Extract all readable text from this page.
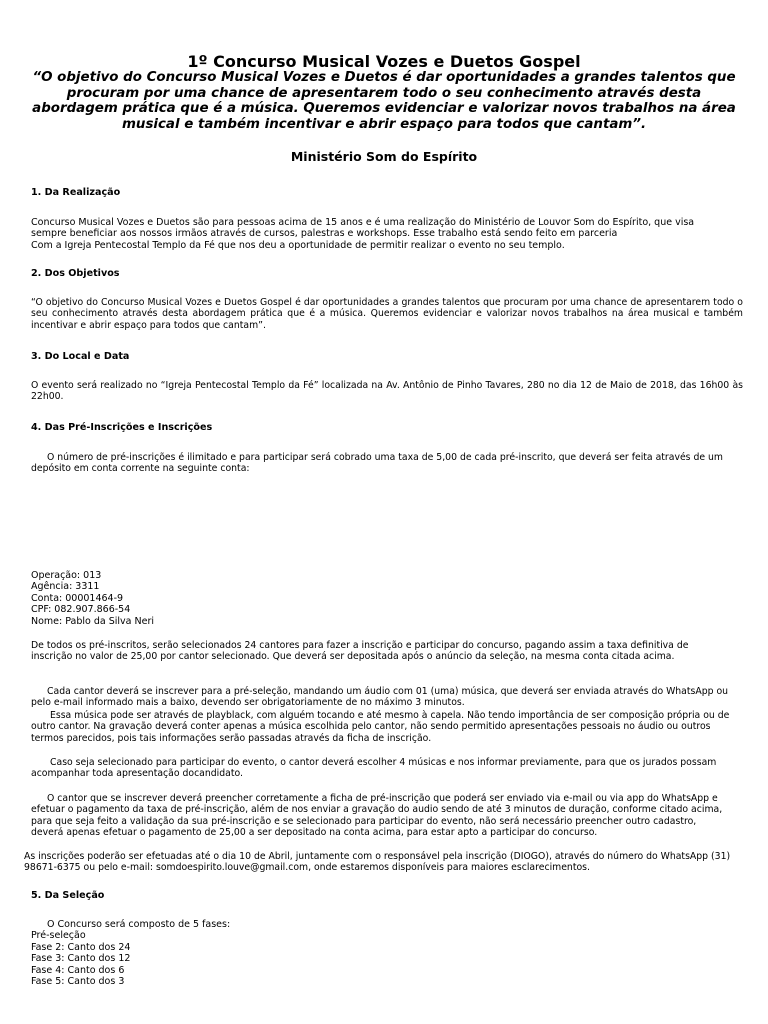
1º Concurso Musical Vozes e Duetos Gospel
“O objetivo do Concurso Musical Vozes e Duetos é dar oportunidades a grandes talentos que procuram por uma chance de apresentarem todo o seu conhecimento através desta abordagem prática que é a música. Queremos evidenciar e valorizar novos trabalhos na área musical e também incentivar e abrir espaço para todos que cantam”.
Ministério Som do Espírito
1. Da Realização
Concurso Musical Vozes e Duetos são para pessoas acima de 15 anos e é uma realização do Ministério de Louvor Som do Espírito, que visa
sempre beneficiar aos nossos irmãos através de cursos, palestras e workshops. Esse trabalho está sendo feito em parceria
Com a Igreja Pentecostal Templo da Fé que nos deu a oportunidade de permitir realizar o evento no seu templo.
2. Dos Objetivos
“O objetivo do Concurso Musical Vozes e Duetos Gospel é dar oportunidades a grandes talentos que procuram por uma chance de apresentarem todo o seu conhecimento através desta abordagem prática que é a música. Queremos evidenciar e valorizar novos trabalhos na área musical e também incentivar e abrir espaço para todos que cantam”.
3. Do Local e Data
O evento será realizado no “Igreja Pentecostal Templo da Fé” localizada na Av. Antônio de Pinho Tavares, 280 no dia 12 de Maio de 2018, das 16h00 às 22h00.
4. Das Pré-Inscrições e Inscrições
O número de pré-inscrições é ilimitado e para participar será cobrado uma taxa de 5,00 de cada pré-inscrito, que deverá ser feita através de um depósito em conta corrente na seguinte conta:
Operação: 013
Agência: 3311
Conta: 00001464-9
CPF: 082.907.866-54
Nome: Pablo da Silva Neri
De todos os pré-inscritos, serão selecionados 24 cantores para fazer a inscrição e participar do concurso, pagando assim a taxa definitiva de inscrição no valor de 25,00 por cantor selecionado. Que deverá ser depositada após o anúncio da seleção, na mesma conta citada acima.
Cada cantor deverá se inscrever para a pré-seleção, mandando um áudio com 01 (uma) música, que deverá ser enviada através do WhatsApp ou pelo e-mail informado mais a baixo, devendo ser obrigatoriamente de no máximo 3 minutos.
Essa música pode ser através de playblack, com alguém tocando e até mesmo à capela. Não tendo importância de ser composição própria ou de outro cantor. Na gravação deverá conter apenas a música escolhida pelo cantor, não sendo permitido apresentações pessoais no áudio ou outros termos parecidos, pois tais informações serão passadas através da ficha de inscrição.
Caso seja selecionado para participar do evento, o cantor deverá escolher 4 músicas e nos informar previamente, para que os jurados possam acompanhar toda apresentação docandidato.
O cantor que se inscrever deverá preencher corretamente a ficha de pré-inscrição que poderá ser enviado via e-mail ou via app do WhatsApp e efetuar o pagamento da taxa de pré-inscrição, além de nos enviar a gravação do audio sendo de até 3 minutos de duração, conforme citado acima, para que seja feito a validação da sua pré-inscrição e se selecionado para participar do evento, não será necessário preencher outro cadastro, deverá apenas efetuar o pagamento de 25,00 a ser depositado na conta acima, para estar apto a participar do concurso.
As inscrições poderão ser efetuadas até o dia 10 de Abril, juntamente com o responsável pela inscrição (DIOGO), através do número do WhatsApp (31) 98671-6375 ou pelo e-mail: somdoespirito.louve@gmail.com, onde estaremos disponíveis para maiores esclarecimentos.
5. Da Seleção
O Concurso será composto de 5 fases:
Pré-seleção
Fase 2: Canto dos 24
Fase 3: Canto dos 12
Fase 4: Canto dos 6
Fase 5: Canto dos 3
